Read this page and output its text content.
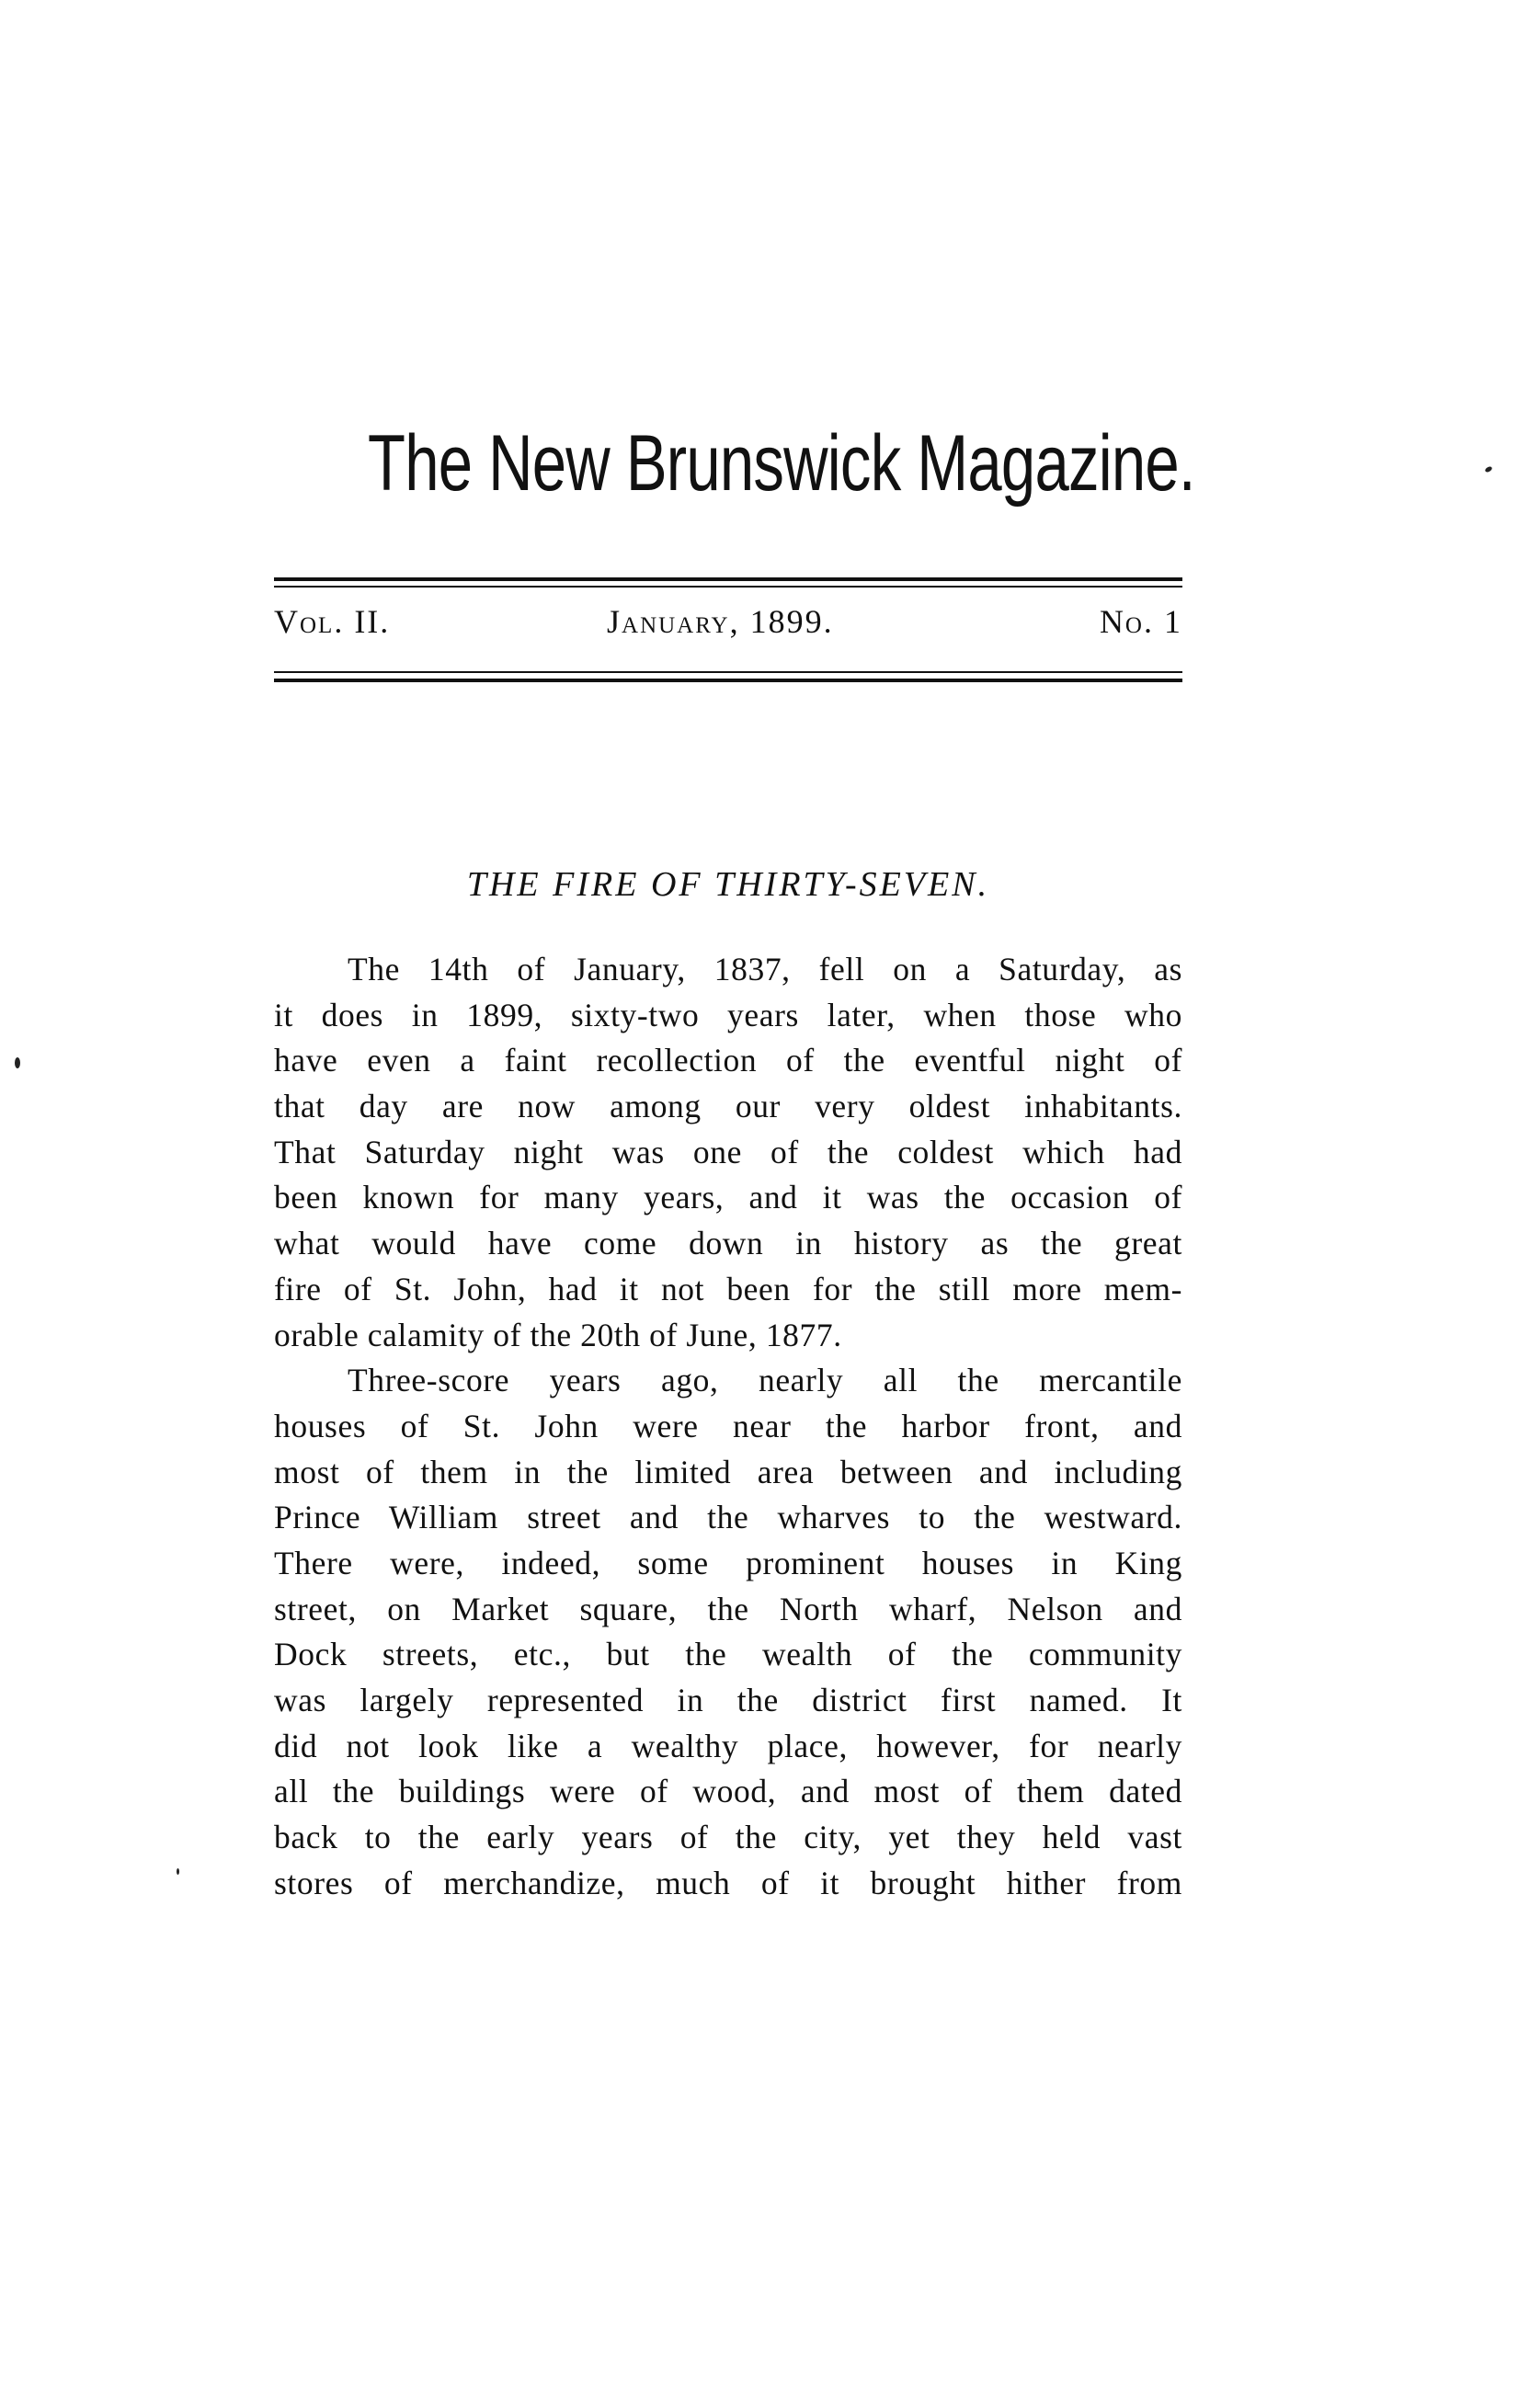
The New Brunswick Magazine.
Vol. II.	January, 1899.	No. 1
THE FIRE OF THIRTY-SEVEN.
The 14th of January, 1837, fell on a Saturday, as
it does in 1899, sixty-two years later, when those who
have even a faint recollection of the eventful night of
that day are now among our very oldest inhabitants.
That Saturday night was one of the coldest which had
been known for many years, and it was the occasion of
what would have come down in history as the great
fire of St. John, had it not been for the still more mem-
orable calamity of the 20th of June, 1877.
Three-score years ago, nearly all the mercantile
houses of St. John were near the harbor front, and
most of them in the limited area between and including
Prince William street and the wharves to the westward.
There were, indeed, some prominent houses in King
street, on Market square, the North wharf, Nelson and
Dock streets, etc., but the wealth of the community
was largely represented in the district first named. It
did not look like a wealthy place, however, for nearly
all the buildings were of wood, and most of them dated
back to the early years of the city, yet they held vast
stores of merchandize, much of it brought hither from
